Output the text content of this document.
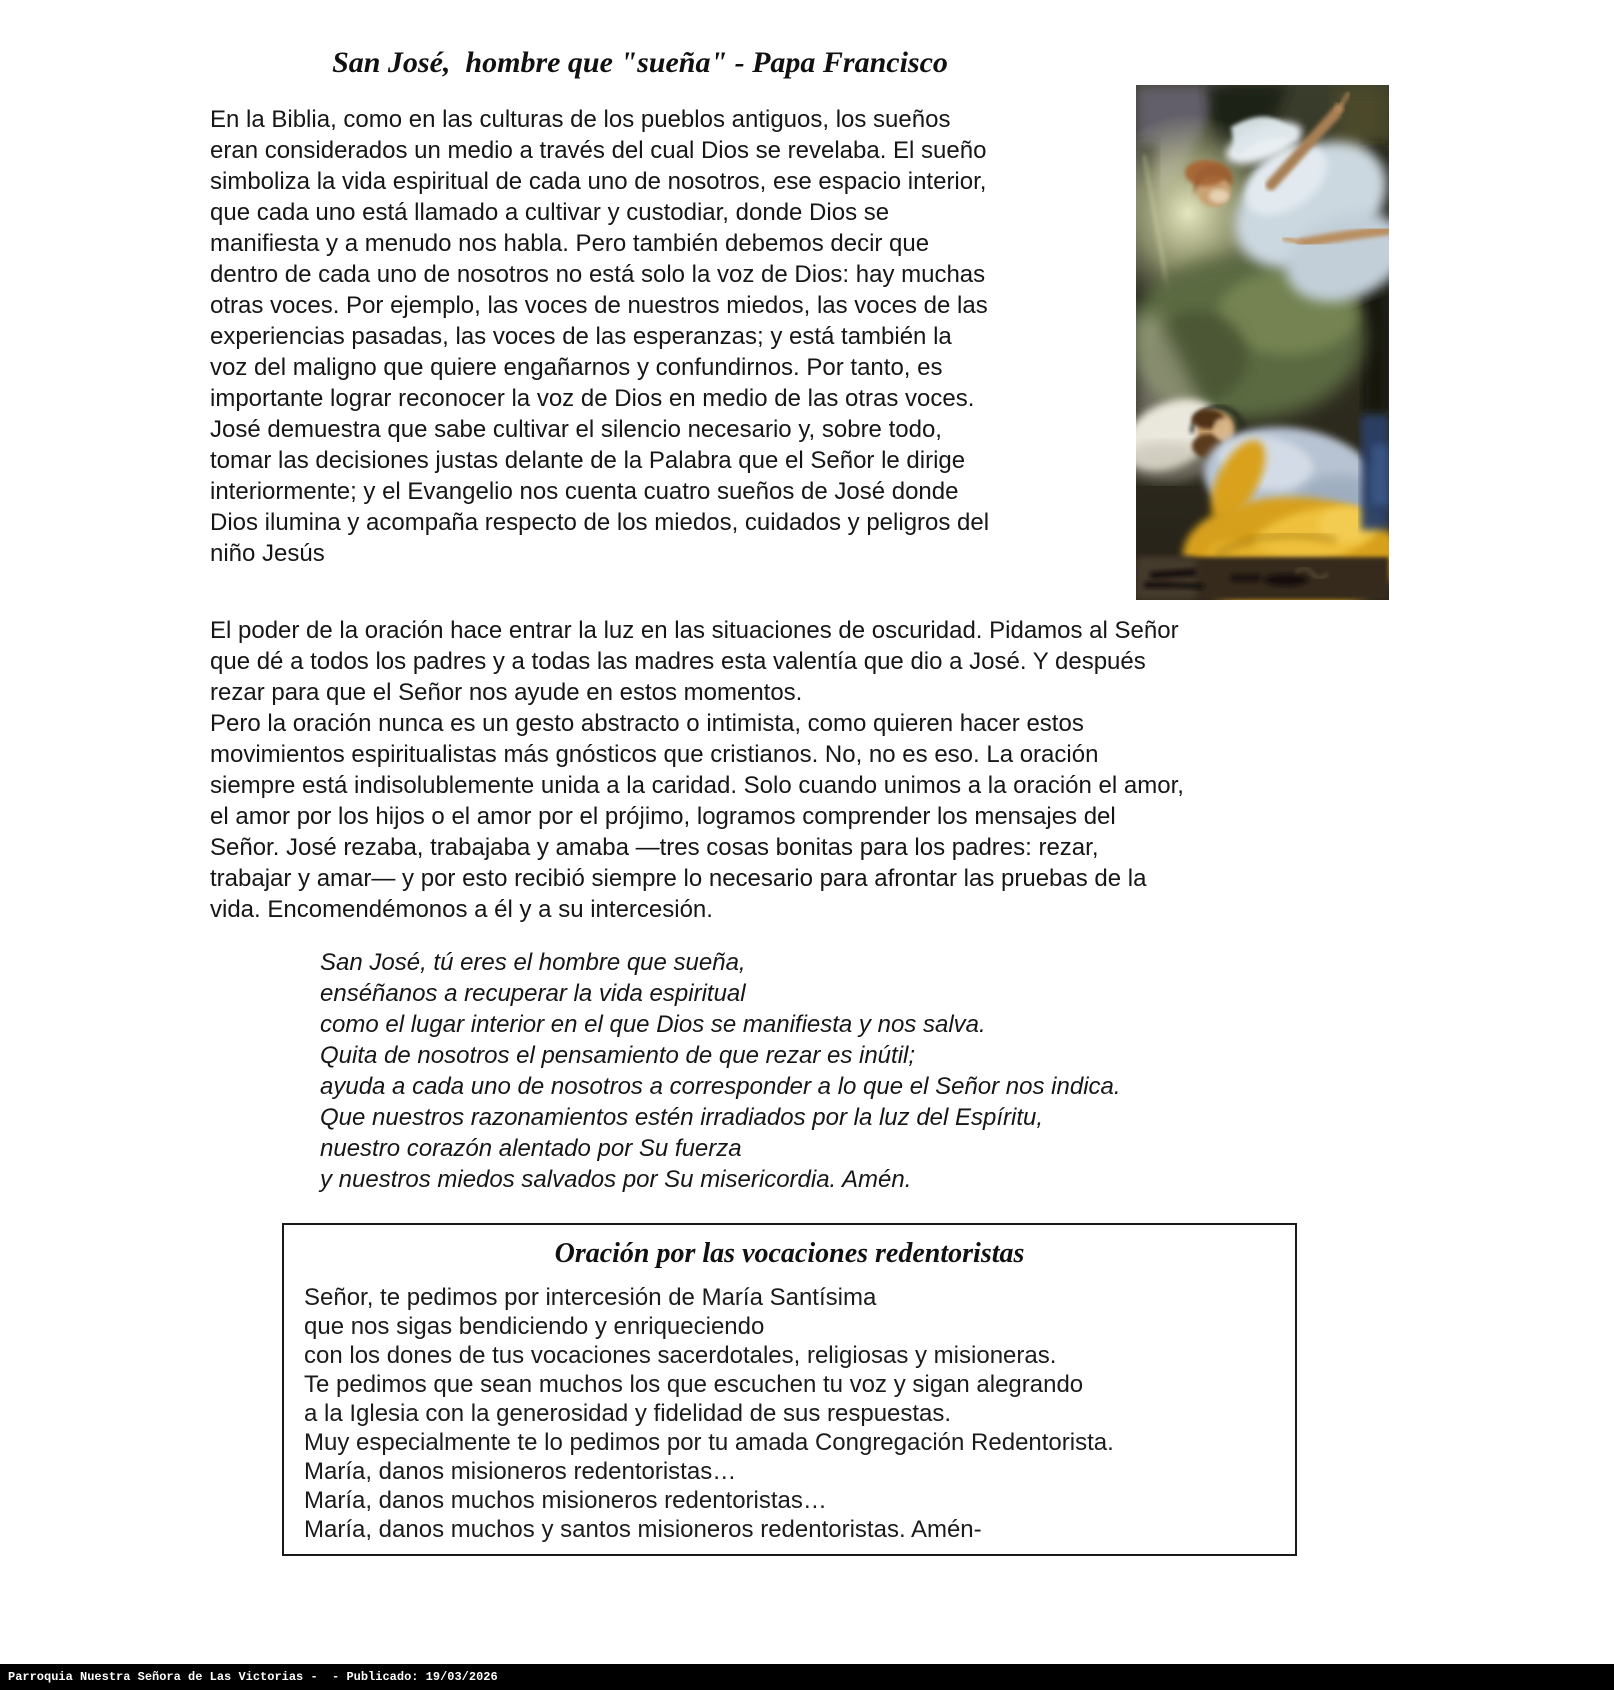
San José,  hombre que "sueña" - Papa Francisco
En la Biblia, como en las culturas de los pueblos antiguos, los sueños
eran considerados un medio a través del cual Dios se revelaba. El sueño
simboliza la vida espiritual de cada uno de nosotros, ese espacio interior,
que cada uno está llamado a cultivar y custodiar, donde Dios se
manifiesta y a menudo nos habla. Pero también debemos decir que
dentro de cada uno de nosotros no está solo la voz de Dios: hay muchas
otras voces. Por ejemplo, las voces de nuestros miedos, las voces de las
experiencias pasadas, las voces de las esperanzas; y está también la
voz del maligno que quiere engañarnos y confundirnos. Por tanto, es
importante lograr reconocer la voz de Dios en medio de las otras voces.
José demuestra que sabe cultivar el silencio necesario y, sobre todo,
tomar las decisiones justas delante de la Palabra que el Señor le dirige
interiormente; y el Evangelio nos cuenta cuatro sueños de José donde
Dios ilumina y acompaña respecto de los miedos, cuidados y peligros del
niño Jesús
El poder de la oración hace entrar la luz en las situaciones de oscuridad. Pidamos al Señor
que dé a todos los padres y a todas las madres esta valentía que dio a José. Y después
rezar para que el Señor nos ayude en estos momentos.
Pero la oración nunca es un gesto abstracto o intimista, como quieren hacer estos
movimientos espiritualistas más gnósticos que cristianos. No, no es eso. La oración
siempre está indisolublemente unida a la caridad. Solo cuando unimos a la oración el amor,
el amor por los hijos o el amor por el prójimo, logramos comprender los mensajes del
Señor. José rezaba, trabajaba y amaba —tres cosas bonitas para los padres: rezar,
trabajar y amar— y por esto recibió siempre lo necesario para afrontar las pruebas de la
vida. Encomendémonos a él y a su intercesión.
San José, tú eres el hombre que sueña,
enséñanos a recuperar la vida espiritual
como el lugar interior en el que Dios se manifiesta y nos salva.
Quita de nosotros el pensamiento de que rezar es inútil;
ayuda a cada uno de nosotros a corresponder a lo que el Señor nos indica.
Que nuestros razonamientos estén irradiados por la luz del Espíritu,
nuestro corazón alentado por Su fuerza
y nuestros miedos salvados por Su misericordia. Amén.
Oración por las vocaciones redentoristas
Señor, te pedimos por intercesión de María Santísima
que nos sigas bendiciendo y enriqueciendo
con los dones de tus vocaciones sacerdotales, religiosas y misioneras.
Te pedimos que sean muchos los que escuchen tu voz y sigan alegrando
a la Iglesia con la generosidad y fidelidad de sus respuestas.
Muy especialmente te lo pedimos por tu amada Congregación Redentorista.
María, danos misioneros redentoristas…
María, danos muchos misioneros redentoristas…
María, danos muchos y santos misioneros redentoristas. Amén-
Parroquia Nuestra Señora de Las Victorias -  - Publicado: 19/03/2026
